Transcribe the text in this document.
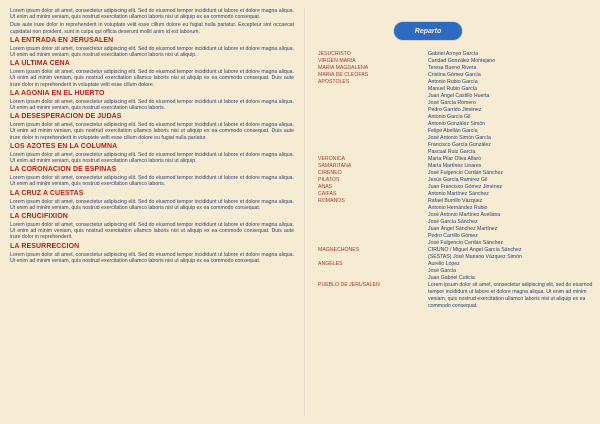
Lorem ipsum dolor sit amet, consectetur adipiscing elit. Sed do eiusmod tempor incididunt ut labore et dolore magna aliqua. Ut enim ad minim veniam, quis nostrud exercitation ullamco laboris nisi ut aliquip ex ea commodo consequat.

Duis aute irure dolor in reprehenderit in voluptate velit esse cillum dolore eu fugiat nulla pariatur. Excepteur sint occaecat cupidatat non proident, sunt in culpa qui officia deserunt mollit anim id est laborum.

LA ENTRADA EN JERUSALEN

Lorem ipsum dolor sit amet, consectetur adipiscing elit. Sed do eiusmod tempor incididunt ut labore et dolore magna aliqua. Ut enim ad minim veniam, quis nostrud exercitation ullamco laboris nisi ut aliquip.

LA ULTIMA CENA

Lorem ipsum dolor sit amet, consectetur adipiscing elit. Sed do eiusmod tempor incididunt ut labore et dolore magna aliqua. Ut enim ad minim veniam, quis nostrud exercitation ullamco laboris nisi ut aliquip ex ea commodo consequat. Duis aute irure dolor in reprehenderit in voluptate velit esse cillum dolore.

LA AGONIA EN EL HUERTO

Lorem ipsum dolor sit amet, consectetur adipiscing elit. Sed do eiusmod tempor incididunt ut labore et dolore magna aliqua. Ut enim ad minim veniam, quis nostrud exercitation ullamco laboris.

LA DESESPERACION DE JUDAS

Lorem ipsum dolor sit amet, consectetur adipiscing elit. Sed do eiusmod tempor incididunt ut labore et dolore magna aliqua. Ut enim ad minim veniam, quis nostrud exercitation ullamco laboris nisi ut aliquip ex ea commodo consequat. Duis aute irure dolor in reprehenderit in voluptate velit esse cillum dolore eu fugiat nulla pariatur.

LOS AZOTES EN LA COLUMNA

Lorem ipsum dolor sit amet, consectetur adipiscing elit. Sed do eiusmod tempor incididunt ut labore et dolore magna aliqua. Ut enim ad minim veniam, quis nostrud exercitation ullamco laboris nisi ut aliquip.

LA CORONACION DE ESPINAS

Lorem ipsum dolor sit amet, consectetur adipiscing elit. Sed do eiusmod tempor incididunt ut labore et dolore magna aliqua. Ut enim ad minim veniam, quis nostrud exercitation ullamco laboris.

LA CRUZ A CUESTAS

Lorem ipsum dolor sit amet, consectetur adipiscing elit. Sed do eiusmod tempor incididunt ut labore et dolore magna aliqua. Ut enim ad minim veniam, quis nostrud exercitation ullamco laboris nisi ut aliquip ex ea commodo consequat.

LA CRUCIFIXION

Lorem ipsum dolor sit amet, consectetur adipiscing elit. Sed do eiusmod tempor incididunt ut labore et dolore magna aliqua. Ut enim ad minim veniam, quis nostrud exercitation ullamco laboris nisi ut aliquip ex ea commodo consequat. Duis aute irure dolor in reprehenderit.

LA RESURRECCION

Lorem ipsum dolor sit amet, consectetur adipiscing elit. Sed do eiusmod tempor incididunt ut labore et dolore magna aliqua. Ut enim ad minim veniam, quis nostrud exercitation ullamco laboris nisi ut aliquip ex ea commodo consequat.

Reparto
JESUCRISTO	Gabriel Arroyo García
VIRGEN MARIA	Caridad González Montejano
MARIA MAGDALENA	Teresa Bueno Rivera
MARIA DE CLEOFAS	Cristina Gómez García
APOSTOLES	Antonio Rubio García
Manuel Rubio García
Juan Ángel Castillo Huerta
José García Romero
Pedro Garrido Jiménez
Antonio García Gil
Antonio González Simón
Felipe Abellán García
José Antonio Simón García
Francisco García González
Pascual Ruiz García
VERONICA	María Pilar Oliva Alfaro
SAMARITANA	María Martínez Linares
CIRENEO	José Fulgencio Cerdán Sánchez
PILATOS	Jesús García Ramírez Gil
ANAS	Juan Francisco Gómez Jiménez
CAIFAS	Antonio Martínez Sánchez
ROMANOS	Rafael Burrillo Vázquez
Antonio Hernández Rubio
José Antonio Martínez Avellana
José García Sánchez
Juan Ángel Sánchez Martínez
Pedro Carrillo Gómez
José Fulgencio Cerdán Sánchez
MAGNECHONES	CIRUNO / Miguel Ángel García Sánchez
(SESTAS) José Mariano Vázquez Simón
ANGELES	Aurelio López
José García
Juan Gabriel Cuticia
PUEBLO DE JERUSALEN	Lorem ipsum dolor sit amet, consectetur adipiscing elit, sed do eiusmod tempor incididunt ut labore et dolore magna aliqua. Ut enim ad minim veniam, quis nostrud exercitation ullamco laboris nisi ut aliquip ex ea commodo consequat.
